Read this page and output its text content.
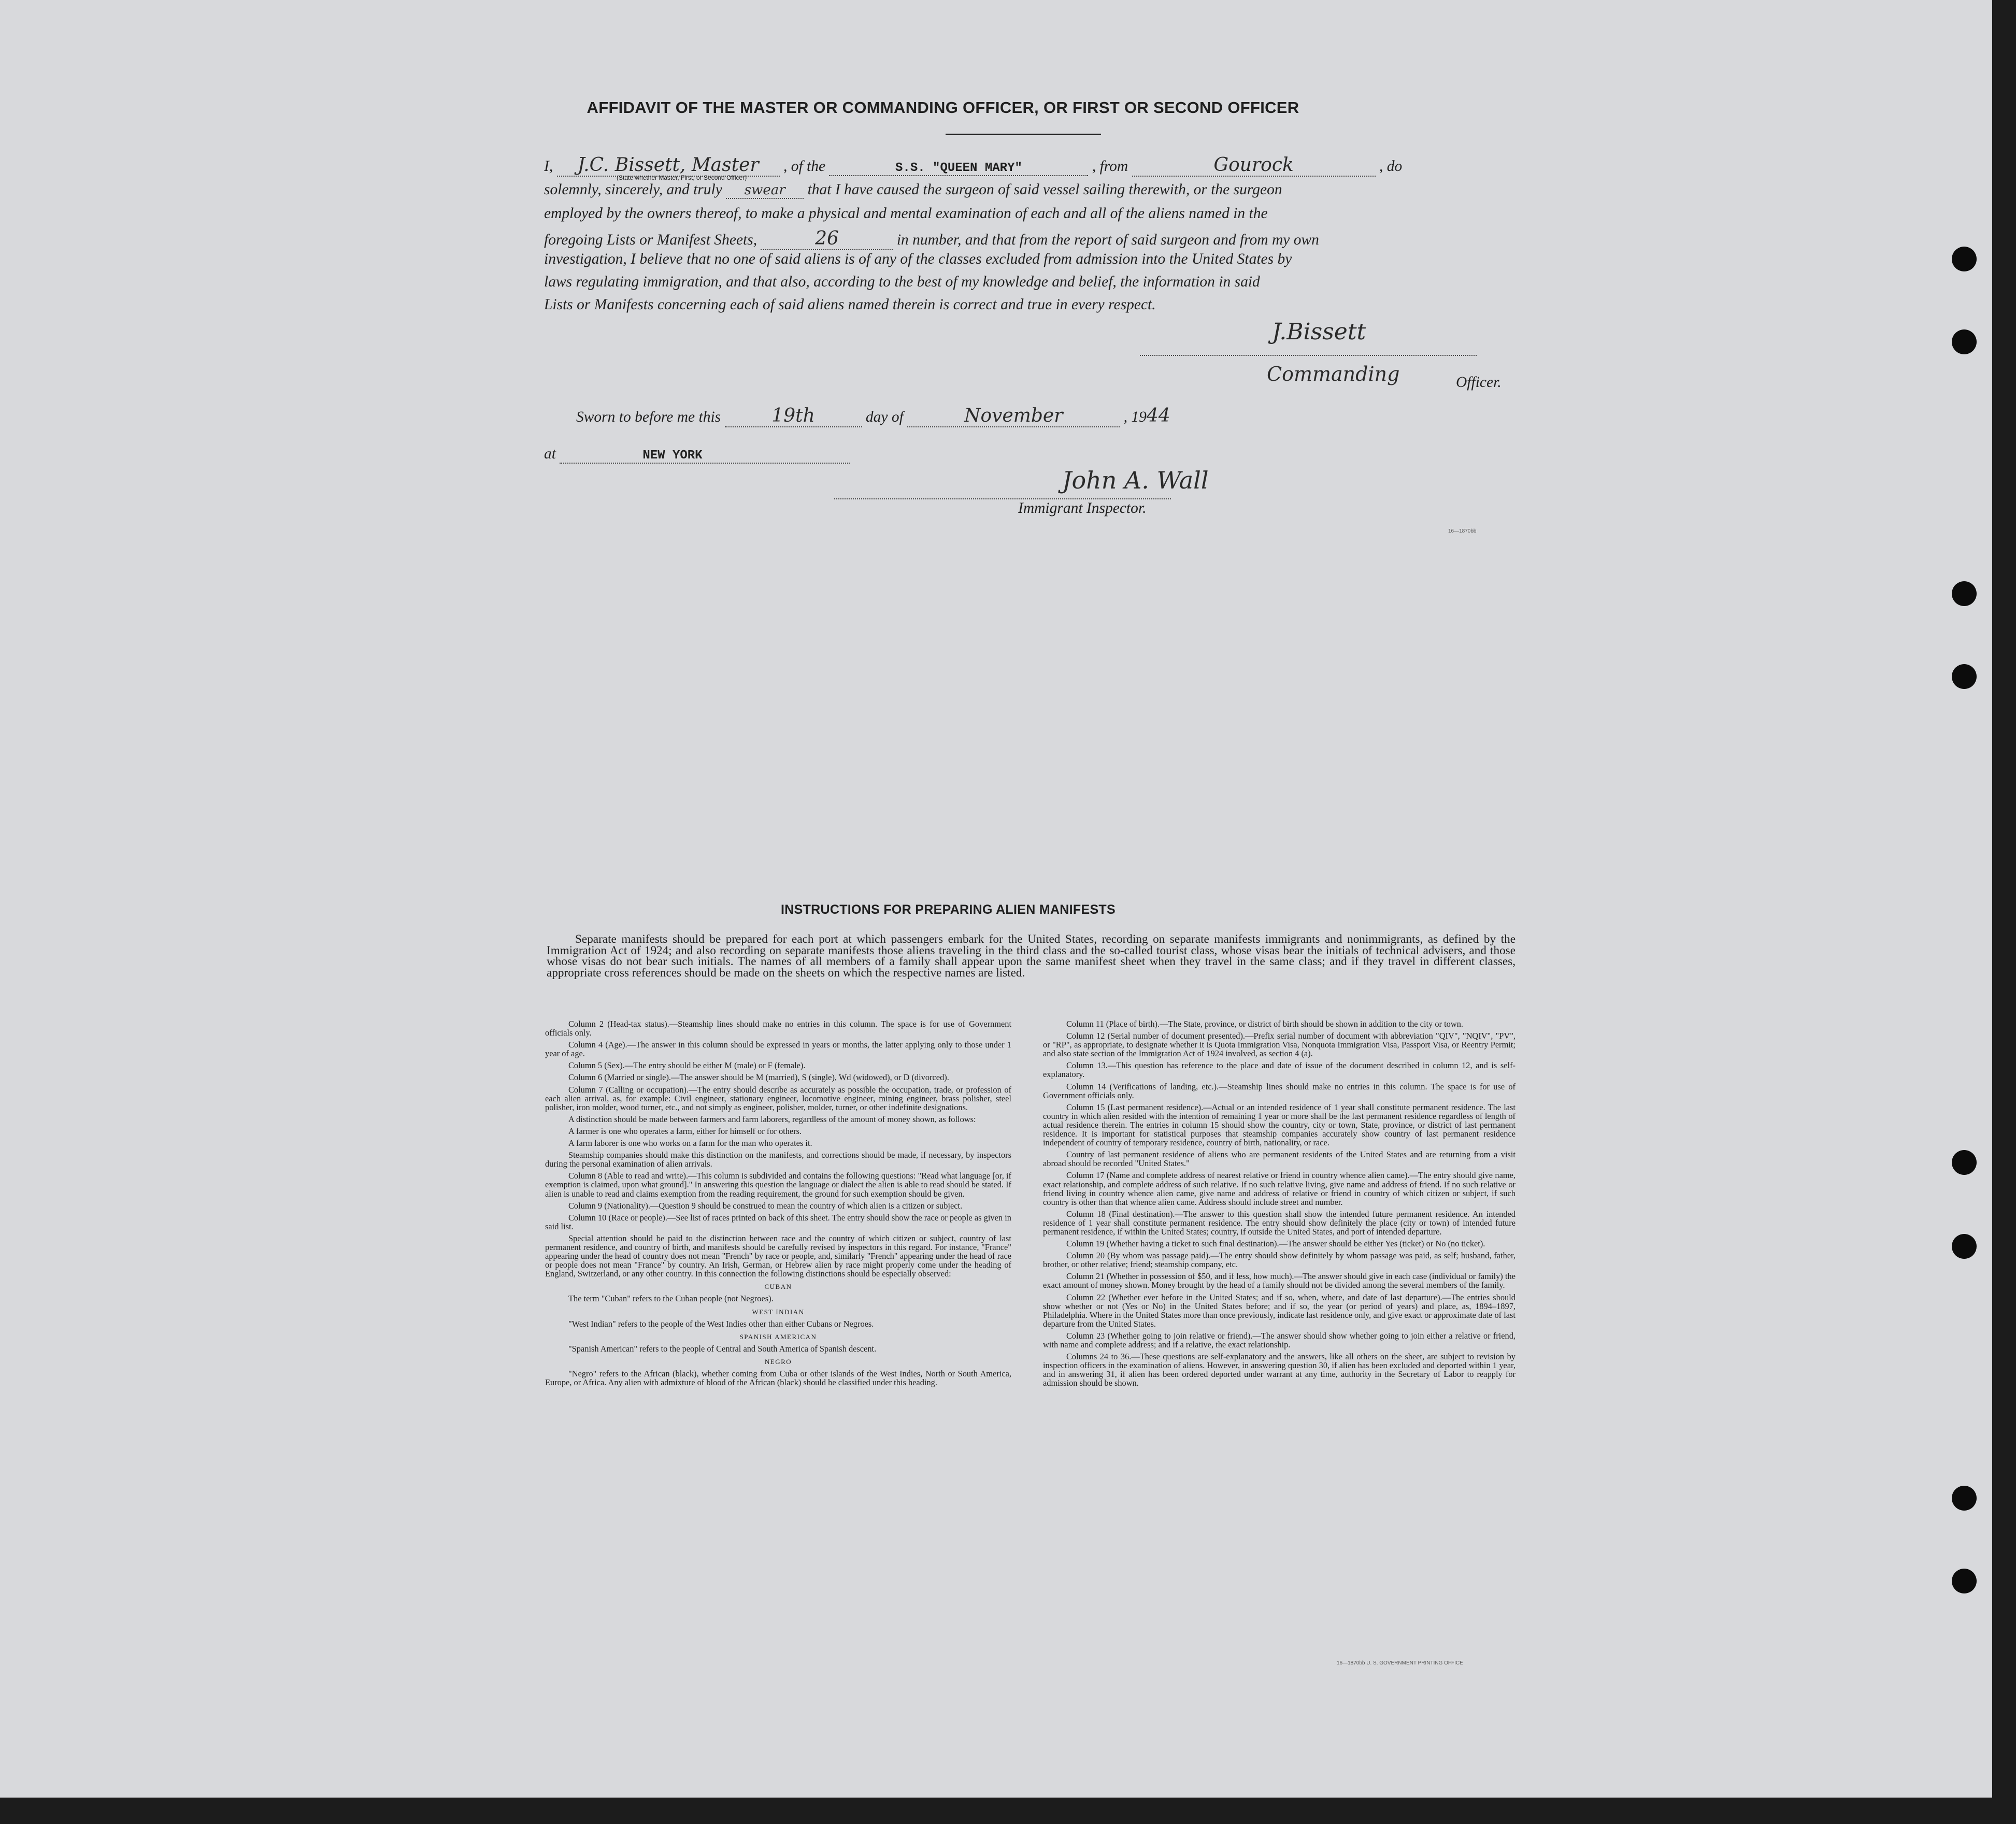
AFFIDAVIT OF THE MASTER OR COMMANDING OFFICER, OR FIRST OR SECOND OFFICER
I, J.C. Bissett, Master , of the	S.S. "QUEEN MARY"	, from	Gourock	, do
(State whether Master, First, or Second Officer)
solemnly, sincerely, and truly swear that I have caused the surgeon of said vessel sailing therewith, or the surgeon
employed by the owners thereof, to make a physical and mental examination of each and all of the aliens named in the
foregoing Lists or Manifest Sheets,	26	in number, and that from the report of said surgeon and from my own
investigation, I believe that no one of said aliens is of any of the classes excluded from admission into the United States by
laws regulating immigration, and that also, according to the best of my knowledge and belief, the information in said
Lists or Manifests concerning each of said aliens named therein is correct and true in every respect.
J.Bissett
Commanding	Officer.
Sworn to before me this	19th	day of	November	, 1944
at	NEW YORK
John A. Wall
Immigrant Inspector.
16—1870bb
INSTRUCTIONS FOR PREPARING ALIEN MANIFESTS
Separate manifests should be prepared for each port at which passengers embark for the United States, recording on separate manifests immigrants and nonimmigrants, as defined by the Immigration Act of 1924; and also recording on separate manifests those aliens traveling in the third class and the so-called tourist class, whose visas bear the initials of technical advisers, and those whose visas do not bear such initials. The names of all members of a family shall appear upon the same manifest sheet when they travel in the same class; and if they travel in different classes, appropriate cross references should be made on the sheets on which the respective names are listed.

Column 2 (Head-tax status).—Steamship lines should make no entries in this column. The space is for use of Government officials only.

Column 4 (Age).—The answer in this column should be expressed in years or months, the latter applying only to those under 1 year of age.

Column 5 (Sex).—The entry should be either M (male) or F (female).

Column 6 (Married or single).—The answer should be M (married), S (single), Wd (widowed), or D (divorced).

Column 7 (Calling or occupation).—The entry should describe as accurately as possible the occupation, trade, or profession of each alien arrival, as, for example: Civil engineer, stationary engineer, locomotive engineer, mining engineer, brass polisher, steel polisher, iron molder, wood turner, etc., and not simply as engineer, polisher, molder, turner, or other indefinite designations.

A distinction should be made between farmers and farm laborers, regardless of the amount of money shown, as follows:

A farmer is one who operates a farm, either for himself or for others.

A farm laborer is one who works on a farm for the man who operates it.

Steamship companies should make this distinction on the manifests, and corrections should be made, if necessary, by inspectors during the personal examination of alien arrivals.

Column 8 (Able to read and write).—This column is subdivided and contains the following questions: "Read what language [or, if exemption is claimed, upon what ground]." In answering this question the language or dialect the alien is able to read should be stated. If alien is unable to read and claims exemption from the reading requirement, the ground for such exemption should be given.

Column 9 (Nationality).—Question 9 should be construed to mean the country of which alien is a citizen or subject.

Column 10 (Race or people).—See list of races printed on back of this sheet. The entry should show the race or people as given in said list.

Special attention should be paid to the distinction between race and the country of which citizen or subject, country of last permanent residence, and country of birth, and manifests should be carefully revised by inspectors in this regard. For instance, "France" appearing under the head of country does not mean "French" by race or people, and, similarly "French" appearing under the head of race or people does not mean "France" by country. An Irish, German, or Hebrew alien by race might properly come under the heading of England, Switzerland, or any other country. In this connection the following distinctions should be especially observed:

CUBAN

The term "Cuban" refers to the Cuban people (not Negroes).

WEST INDIAN

"West Indian" refers to the people of the West Indies other than either Cubans or Negroes.

SPANISH AMERICAN

"Spanish American" refers to the people of Central and South America of Spanish descent.

NEGRO

"Negro" refers to the African (black), whether coming from Cuba or other islands of the West Indies, North or South America, Europe, or Africa. Any alien with admixture of blood of the African (black) should be classified under this heading.

Column 11 (Place of birth).—The State, province, or district of birth should be shown in addition to the city or town.

Column 12 (Serial number of document presented).—Prefix serial number of document with abbreviation "QIV", "NQIV", "PV", or "RP", as appropriate, to designate whether it is Quota Immigration Visa, Nonquota Immigration Visa, Passport Visa, or Reentry Permit; and also state section of the Immigration Act of 1924 involved, as section 4 (a).

Column 13.—This question has reference to the place and date of issue of the document described in column 12, and is self-explanatory.

Column 14 (Verifications of landing, etc.).—Steamship lines should make no entries in this column. The space is for use of Government officials only.

Column 15 (Last permanent residence).—Actual or an intended residence of 1 year shall constitute permanent residence. The last country in which alien resided with the intention of remaining 1 year or more shall be the last permanent residence regardless of length of actual residence therein. The entries in column 15 should show the country, city or town, State, province, or district of last permanent residence. It is important for statistical purposes that steamship companies accurately show country of last permanent residence independent of country of temporary residence, country of birth, nationality, or race.

Country of last permanent residence of aliens who are permanent residents of the United States and are returning from a visit abroad should be recorded "United States."

Column 17 (Name and complete address of nearest relative or friend in country whence alien came).—The entry should give name, exact relationship, and complete address of such relative. If no such relative living, give name and address of friend. If no such relative or friend living in country whence alien came, give name and address of relative or friend in country of which citizen or subject, if such country is other than that whence alien came. Address should include street and number.

Column 18 (Final destination).—The answer to this question shall show the intended future permanent residence. An intended residence of 1 year shall constitute permanent residence. The entry should show definitely the place (city or town) of intended future permanent residence, if within the United States; country, if outside the United States, and port of intended departure.

Column 19 (Whether having a ticket to such final destination).—The answer should be either Yes (ticket) or No (no ticket).

Column 20 (By whom was passage paid).—The entry should show definitely by whom passage was paid, as self; husband, father, brother, or other relative; friend; steamship company, etc.

Column 21 (Whether in possession of $50, and if less, how much).—The answer should give in each case (individual or family) the exact amount of money shown. Money brought by the head of a family should not be divided among the several members of the family.

Column 22 (Whether ever before in the United States; and if so, when, where, and date of last departure).—The entries should show whether or not (Yes or No) in the United States before; and if so, the year (or period of years) and place, as, 1894–1897, Philadelphia. Where in the United States more than once previously, indicate last residence only, and give exact or approximate date of last departure from the United States.

Column 23 (Whether going to join relative or friend).—The answer should show whether going to join either a relative or friend, with name and complete address; and if a relative, the exact relationship.

Columns 24 to 36.—These questions are self-explanatory and the answers, like all others on the sheet, are subject to revision by inspection officers in the examination of aliens. However, in answering question 30, if alien has been excluded and deported within 1 year, and in answering 31, if alien has been ordered deported under warrant at any time, authority in the Secretary of Labor to reapply for admission should be shown.

16—1870bb U. S. GOVERNMENT PRINTING OFFICE
